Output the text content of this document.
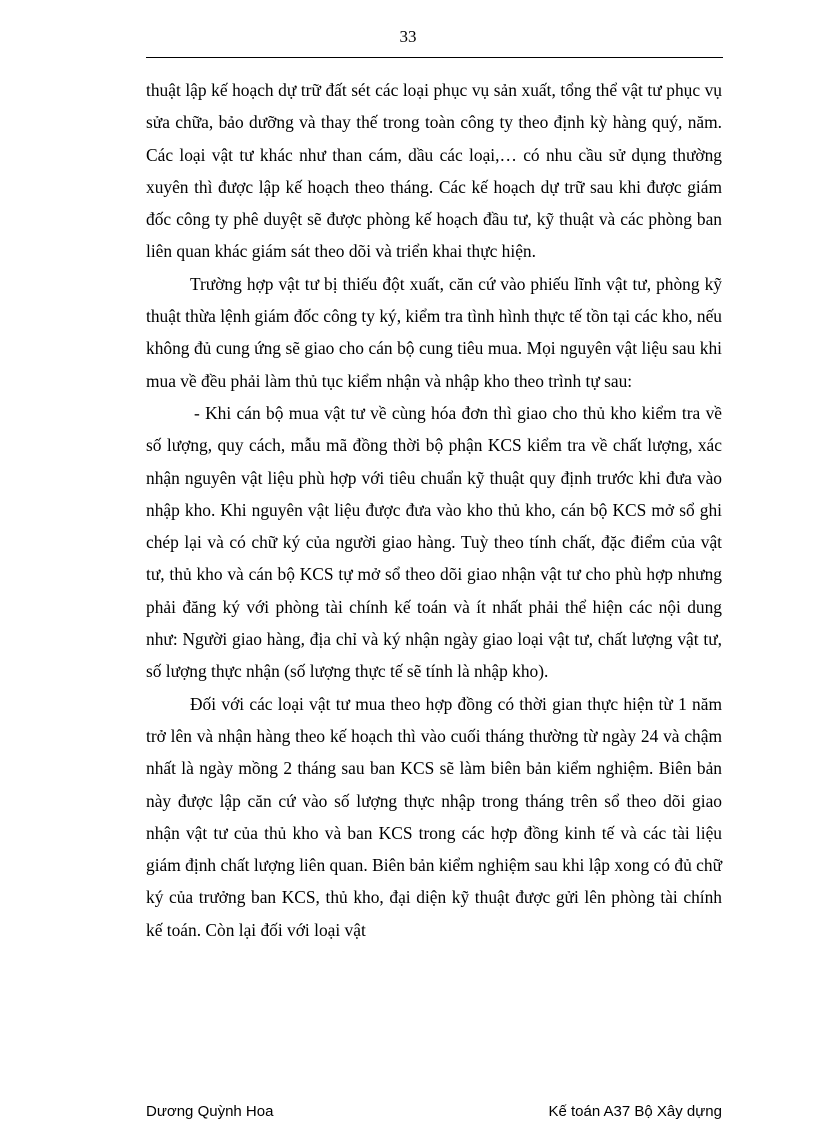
33

thuật lập kế hoạch dự trữ đất sét các loại phục vụ sản xuất, tổng thể vật tư phục vụ sửa chữa, bảo dưỡng và thay thế trong toàn công ty theo định kỳ hàng quý, năm. Các loại vật tư khác như than cám, dầu các loại,… có nhu cầu sử dụng thường xuyên thì được lập kế hoạch theo tháng. Các kế hoạch dự trữ sau khi được giám đốc công ty phê duyệt sẽ được phòng kế hoạch đầu tư, kỹ thuật và các phòng ban liên quan khác giám sát theo dõi và triển khai thực hiện.

Trường hợp vật tư bị thiếu đột xuất, căn cứ vào phiếu lĩnh vật tư, phòng kỹ thuật thừa lệnh giám đốc công ty ký, kiểm tra tình hình thực tế tồn tại các kho, nếu không đủ cung ứng sẽ giao cho cán bộ cung tiêu mua. Mọi nguyên vật liệu sau khi mua về đều phải làm thủ tục kiểm nhận và nhập kho theo trình tự sau:

- Khi cán bộ mua vật tư về cùng hóa đơn thì giao cho thủ kho kiểm tra về số lượng, quy cách, mẫu mã đồng thời bộ phận KCS kiểm tra về chất lượng, xác nhận nguyên vật liệu phù hợp với tiêu chuẩn kỹ thuật quy định trước khi đưa vào nhập kho. Khi nguyên vật liệu được đưa vào kho thủ kho, cán bộ KCS mở sổ ghi chép lại và có chữ ký của người giao hàng. Tuỳ theo tính chất, đặc điểm của vật tư, thủ kho và cán bộ KCS tự mở sổ theo dõi giao nhận vật tư cho phù hợp nhưng phải đăng ký với phòng tài chính kế toán và ít nhất phải thể hiện các nội dung như: Người giao hàng, địa chỉ và ký nhận ngày giao loại vật tư, chất lượng vật tư, số lượng thực nhận (số lượng thực tế sẽ tính là nhập kho).

Đối với các loại vật tư mua theo hợp đồng có thời gian thực hiện từ 1 năm trở lên và nhận hàng theo kế hoạch thì vào cuối tháng thường từ ngày 24 và chậm nhất là ngày mồng 2 tháng sau ban KCS sẽ làm biên bản kiểm nghiệm. Biên bản này được lập căn cứ vào số lượng thực nhập trong tháng trên sổ theo dõi giao nhận vật tư của thủ kho và ban KCS trong các hợp đồng kinh tế và các tài liệu giám định chất lượng liên quan. Biên bản kiểm nghiệm sau khi lập xong có đủ chữ ký của trưởng ban KCS, thủ kho, đại diện kỹ thuật được gửi lên phòng tài chính kế toán. Còn lại đối với loại vật

Dương Quỳnh Hoa	Kế toán A37 Bộ Xây dựng
